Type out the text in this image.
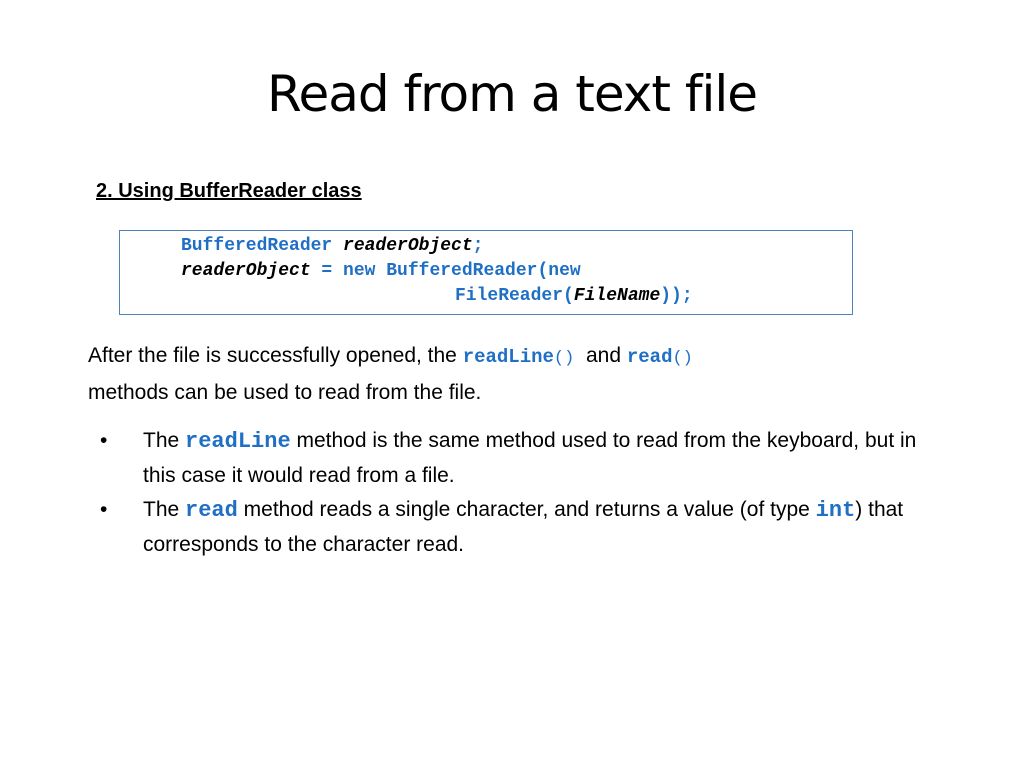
Read from a text file
2. Using BufferReader class
BufferedReader readerObject;
readerObject = new BufferedReader(new
FileReader(FileName));
After the file is successfully opened, the readLine()  and read()
methods can be used to read from the file.
• The readLine method is the same method used to read from the keyboard, but in this case it would read from a file.
• The read method reads a single character, and returns a value (of type int) that corresponds to the character read.
